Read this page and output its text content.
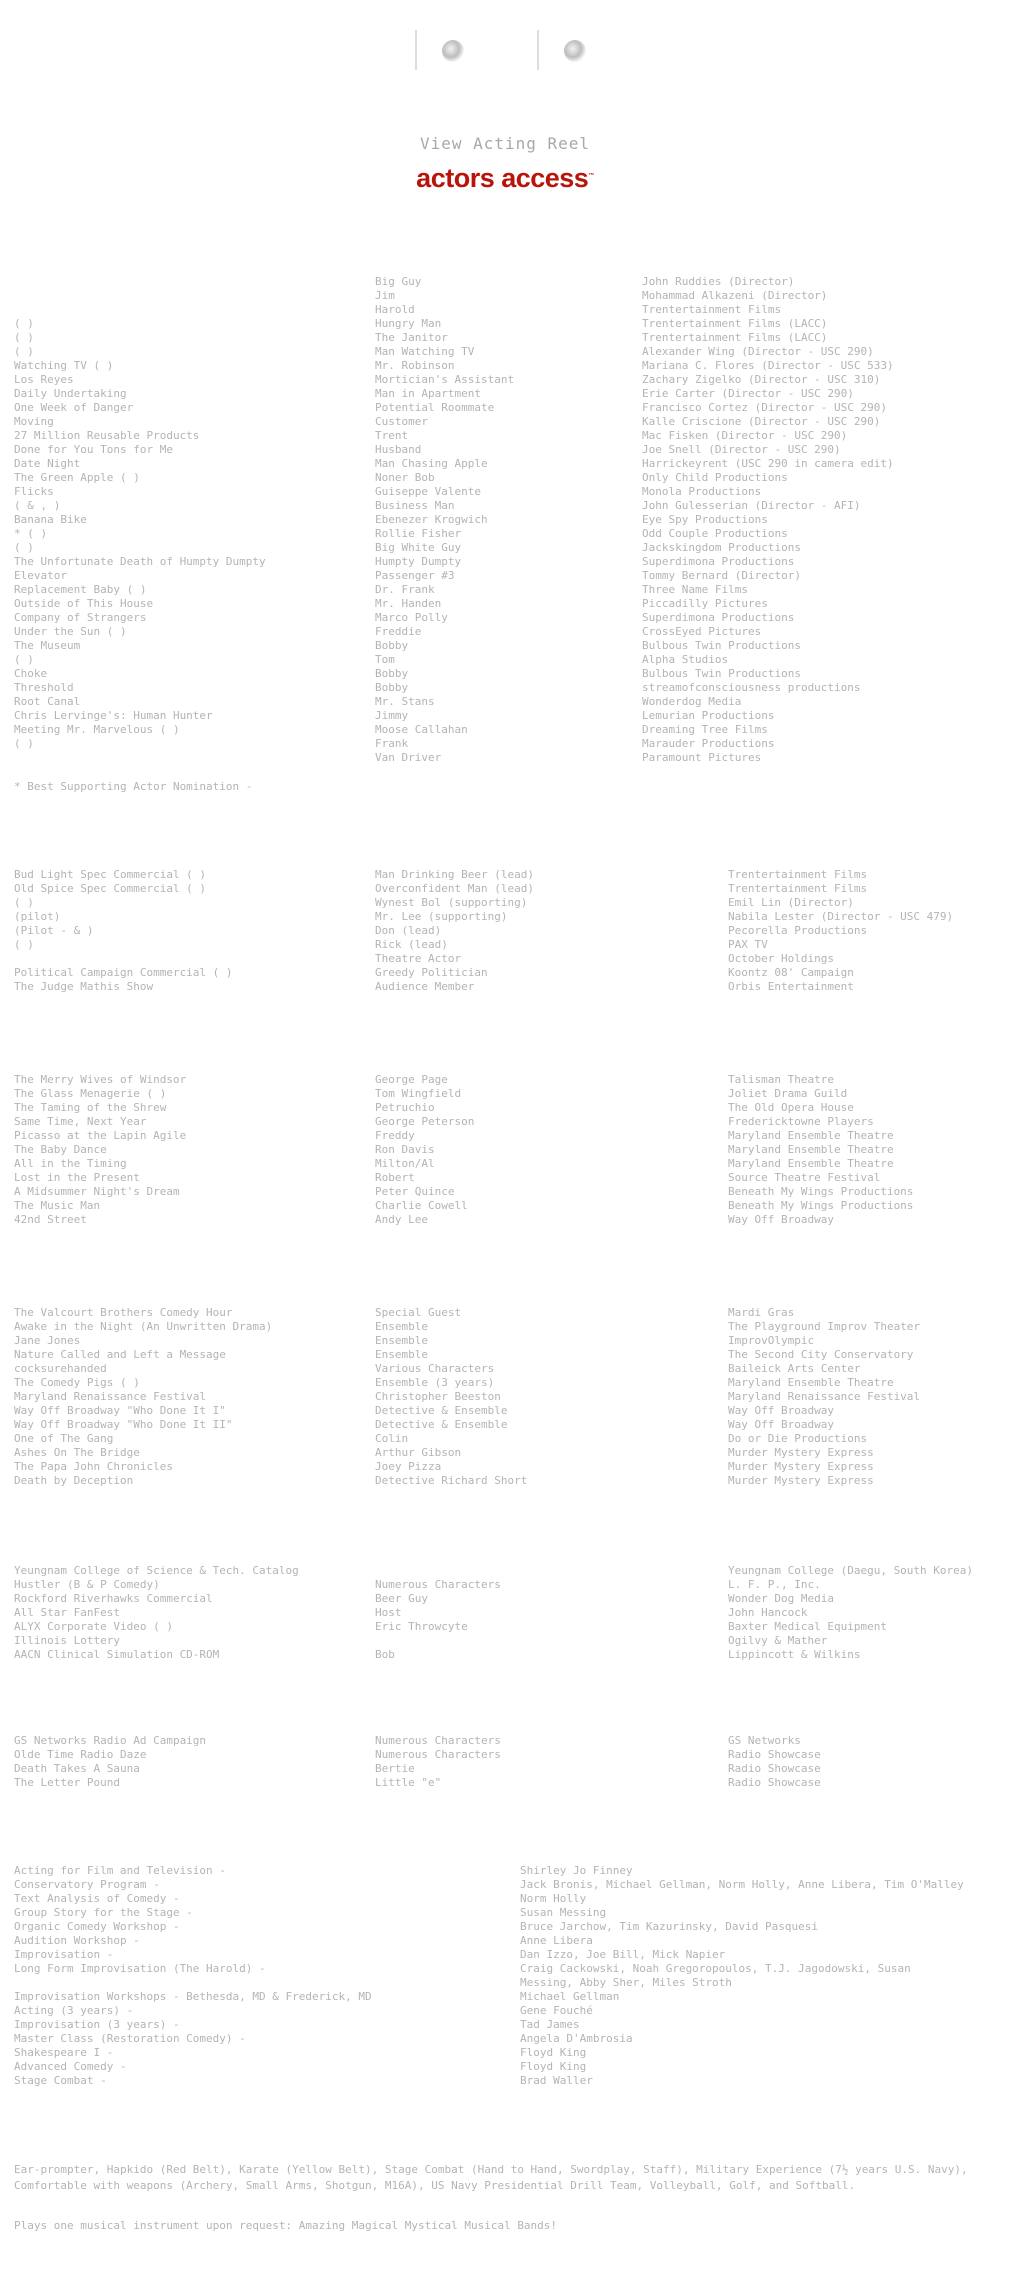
View Acting Reel
actors access™
( )
( )
( )
Watching TV ( )
Los Reyes
Daily Undertaking
One Week of Danger
Moving
27 Million Reusable Products
Done for You Tons for Me
Date Night
The Green Apple ( )
Flicks
( & , )
Banana Bike
* ( )
( )
The Unfortunate Death of Humpty Dumpty
Elevator
Replacement Baby ( )
Outside of This House
Company of Strangers
Under the Sun ( )
The Museum
( )
Choke
Threshold
Root Canal
Chris Lervinge's: Human Hunter
Meeting Mr. Marvelous ( )
( )
Big Guy
Jim
Harold
Hungry Man
The Janitor
Man Watching TV
Mr. Robinson
Mortician's Assistant
Man in Apartment
Potential Roommate
Customer
Trent
Husband
Man Chasing Apple
Noner Bob
Guiseppe Valente
Business Man
Ebenezer Krogwich
Rollie Fisher
Big White Guy
Humpty Dumpty
Passenger #3
Dr. Frank
Mr. Handen
Marco Polly
Freddie
Bobby
Tom
Bobby
Bobby
Mr. Stans
Jimmy
Moose Callahan
Frank
Van Driver
John Ruddies (Director)
Mohammad Alkazeni (Director)
Trentertainment Films
Trentertainment Films (LACC)
Trentertainment Films (LACC)
Alexander Wing (Director - USC 290)
Mariana C. Flores (Director - USC 533)
Zachary Zigelko (Director - USC 310)
Erie Carter (Director - USC 290)
Francisco Cortez (Director - USC 290)
Kalle Criscione (Director - USC 290)
Mac Fisken (Director - USC 290)
Joe Snell (Director - USC 290)
Harrickeyrent (USC 290 in camera edit)
Only Child Productions
Monola Productions
John Gulesserian (Director - AFI)
Eye Spy Productions
Odd Couple Productions
Jackskingdom Productions
Superdimona Productions
Tommy Bernard (Director)
Three Name Films
Piccadilly Pictures
Superdimona Productions
CrossEyed Pictures
Bulbous Twin Productions
Alpha Studios
Bulbous Twin Productions
streamofconsciousness productions
Wonderdog Media
Lemurian Productions
Dreaming Tree Films
Marauder Productions
Paramount Pictures
* Best Supporting Actor Nomination -
Bud Light Spec Commercial ( )
Old Spice Spec Commercial ( )
( )
(pilot)
(Pilot - & )
( )
Political Campaign Commercial ( )
The Judge Mathis Show
Man Drinking Beer (lead)
Overconfident Man (lead)
Wynest Bol (supporting)
Mr. Lee (supporting)
Don (lead)
Rick (lead)
Theatre Actor
Greedy Politician
Audience Member
Trentertainment Films
Trentertainment Films
Emil Lin (Director)
Nabila Lester (Director - USC 479)
Pecorella Productions
PAX TV
October Holdings
Koontz 08' Campaign
Orbis Entertainment
The Merry Wives of Windsor
The Glass Menagerie ( )
The Taming of the Shrew
Same Time, Next Year
Picasso at the Lapin Agile
The Baby Dance
All in the Timing
Lost in the Present
A Midsummer Night's Dream
The Music Man
42nd Street
George Page
Tom Wingfield
Petruchio
George Peterson
Freddy
Ron Davis
Milton/Al
Robert
Peter Quince
Charlie Cowell
Andy Lee
Talisman Theatre
Joliet Drama Guild
The Old Opera House
Fredericktowne Players
Maryland Ensemble Theatre
Maryland Ensemble Theatre
Maryland Ensemble Theatre
Source Theatre Festival
Beneath My Wings Productions
Beneath My Wings Productions
Way Off Broadway
The Valcourt Brothers Comedy Hour
Awake in the Night (An Unwritten Drama)
Jane Jones
Nature Called and Left a Message
cocksurehanded
The Comedy Pigs ( )
Maryland Renaissance Festival
Way Off Broadway "Who Done It I"
Way Off Broadway "Who Done It II"
One of The Gang
Ashes On The Bridge
The Papa John Chronicles
Death by Deception
Special Guest
Ensemble
Ensemble
Ensemble
Various Characters
Ensemble (3 years)
Christopher Beeston
Detective & Ensemble
Detective & Ensemble
Colin
Arthur Gibson
Joey Pizza
Detective Richard Short
Mardi Gras
The Playground Improv Theater
ImprovOlympic
The Second City Conservatory
Baileick Arts Center
Maryland Ensemble Theatre
Maryland Renaissance Festival
Way Off Broadway
Way Off Broadway
Do or Die Productions
Murder Mystery Express
Murder Mystery Express
Murder Mystery Express
Yeungnam College of Science & Tech. Catalog
Hustler (B & P Comedy)
Rockford Riverhawks Commercial
All Star FanFest
ALYX Corporate Video ( )
Illinois Lottery
AACN Clinical Simulation CD-ROM
Numerous Characters
Beer Guy
Host
Eric Throwcyte
Bob
Yeungnam College (Daegu, South Korea)
L. F. P., Inc.
Wonder Dog Media
John Hancock
Baxter Medical Equipment
Ogilvy & Mather
Lippincott & Wilkins
GS Networks Radio Ad Campaign
Olde Time Radio Daze
Death Takes A Sauna
The Letter Pound
Numerous Characters
Numerous Characters
Bertie
Little "e"
GS Networks
Radio Showcase
Radio Showcase
Radio Showcase
Acting for Film and Television -
Conservatory Program -
Text Analysis of Comedy -
Group Story for the Stage -
Organic Comedy Workshop -
Audition Workshop -
Improvisation -
Long Form Improvisation (The Harold) -
Improvisation Workshops - Bethesda, MD & Frederick, MD
Acting (3 years) -
Improvisation (3 years) -
Master Class (Restoration Comedy) -
Shakespeare I -
Advanced Comedy -
Stage Combat -
Shirley Jo Finney
Jack Bronis, Michael Gellman, Norm Holly, Anne Libera, Tim O'Malley
Norm Holly
Susan Messing
Bruce Jarchow, Tim Kazurinsky, David Pasquesi
Anne Libera
Dan Izzo, Joe Bill, Mick Napier
Craig Cackowski, Noah Gregoropoulos, T.J. Jagodowski, Susan
Messing, Abby Sher, Miles Stroth
Michael Gellman
Gene Fouché
Tad James
Angela D'Ambrosia
Floyd King
Floyd King
Brad Waller
Ear-prompter, Hapkido (Red Belt), Karate (Yellow Belt), Stage Combat (Hand to Hand, Swordplay, Staff), Military Experience (7½ years U.S. Navy), Comfortable with weapons (Archery, Small Arms, Shotgun, M16A), US Navy Presidential Drill Team, Volleyball, Golf, and Softball.
Plays one musical instrument upon request: Amazing Magical Mystical Musical Bands!
